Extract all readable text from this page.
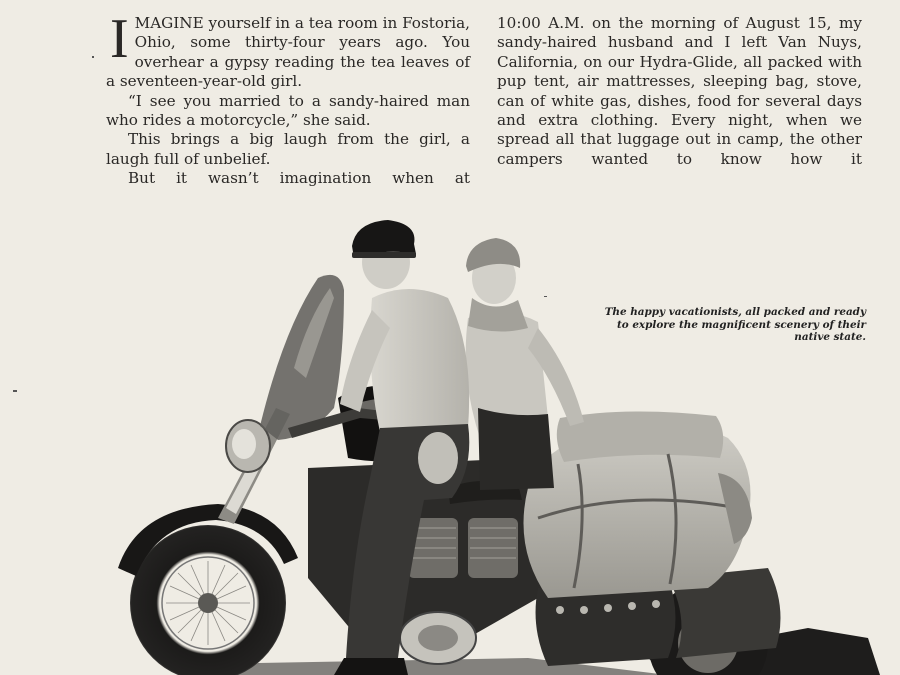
I MAGINE yourself in a tea room in Fostoria, Ohio, some thirty-four years ago. You overhear a gypsy reading the tea leaves of a seventeen-year-old girl.

“I see you married to a sandy-haired man who rides a motorcycle,” she said.

This brings a big laugh from the girl, a laugh full of unbelief.

But it wasn’t imagination when at

10:00 A.M. on the morning of August 15, my sandy-haired husband and I left Van Nuys, California, on our Hydra-Glide, all packed with pup tent, air mattresses, sleeping bag, stove, can of white gas, dishes, food for several days and extra clothing. Every night, when we spread all that luggage out in camp, the other campers wanted to know how it

The happy vacationists, all packed and ready to explore the magnificent scenery of their native state.
